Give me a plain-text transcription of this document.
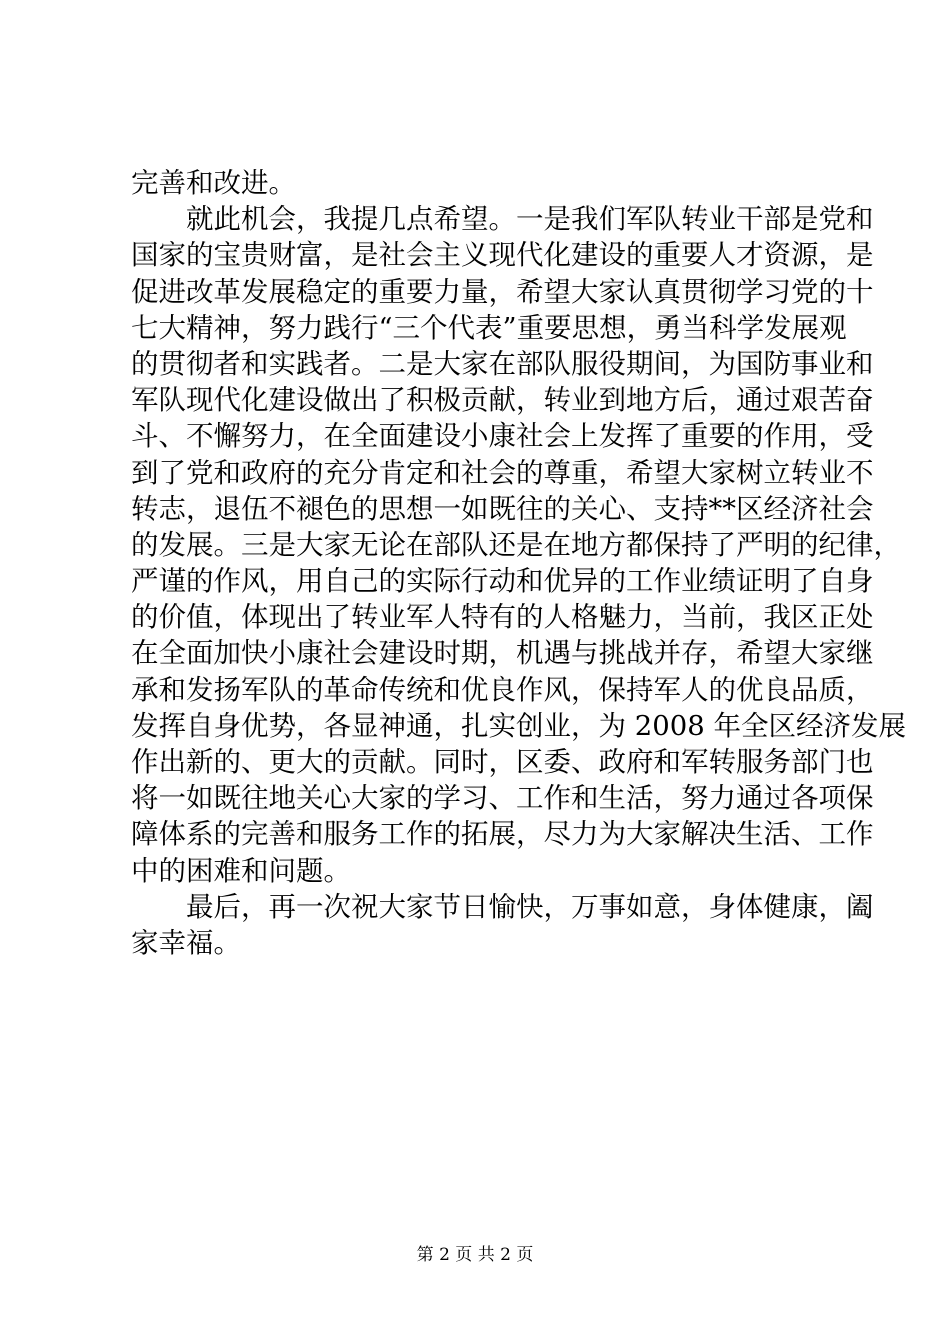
完善和改进。
就此机会，我提几点希望。一是我们军队转业干部是党和
国家的宝贵财富，是社会主义现代化建设的重要人才资源，是
促进改革发展稳定的重要力量，希望大家认真贯彻学习党的十
七大精神，努力践行“三个代表”重要思想，勇当科学发展观
的贯彻者和实践者。二是大家在部队服役期间，为国防事业和
军队现代化建设做出了积极贡献，转业到地方后，通过艰苦奋
斗、不懈努力，在全面建设小康社会上发挥了重要的作用，受
到了党和政府的充分肯定和社会的尊重，希望大家树立转业不
转志，退伍不褪色的思想一如既往的关心、支持**区经济社会
的发展。三是大家无论在部队还是在地方都保持了严明的纪律，
严谨的作风，用自己的实际行动和优异的工作业绩证明了自身
的价值，体现出了转业军人特有的人格魅力，当前，我区正处
在全面加快小康社会建设时期，机遇与挑战并存，希望大家继
承和发扬军队的革命传统和优良作风，保持军人的优良品质，
发挥自身优势，各显神通，扎实创业，为 2008 年全区经济发展
作出新的、更大的贡献。同时，区委、政府和军转服务部门也
将一如既往地关心大家的学习、工作和生活，努力通过各项保
障体系的完善和服务工作的拓展，尽力为大家解决生活、工作
中的困难和问题。
最后，再一次祝大家节日愉快，万事如意，身体健康，阖
家幸福。
第 2 页 共 2 页
